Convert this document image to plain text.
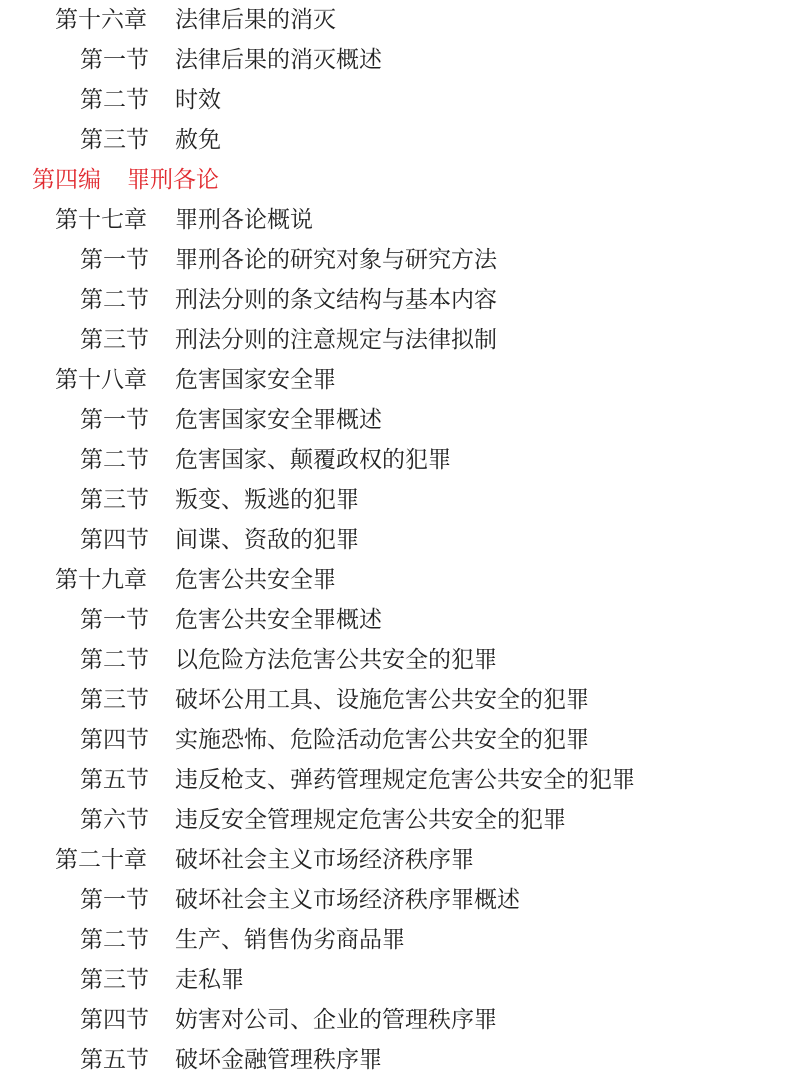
第十六章 法律后果的消灭
第一节 法律后果的消灭概述
第二节 时效
第三节 赦免
第四编 罪刑各论
第十七章 罪刑各论概说
第一节 罪刑各论的研究对象与研究方法
第二节 刑法分则的条文结构与基本内容
第三节 刑法分则的注意规定与法律拟制
第十八章 危害国家安全罪
第一节 危害国家安全罪概述
第二节 危害国家、颠覆政权的犯罪
第三节 叛变、叛逃的犯罪
第四节 间谍、资敌的犯罪
第十九章 危害公共安全罪
第一节 危害公共安全罪概述
第二节 以危险方法危害公共安全的犯罪
第三节 破坏公用工具、设施危害公共安全的犯罪
第四节 实施恐怖、危险活动危害公共安全的犯罪
第五节 违反枪支、弹药管理规定危害公共安全的犯罪
第六节 违反安全管理规定危害公共安全的犯罪
第二十章 破坏社会主义市场经济秩序罪
第一节 破坏社会主义市场经济秩序罪概述
第二节 生产、销售伪劣商品罪
第三节 走私罪
第四节 妨害对公司、企业的管理秩序罪
第五节 破坏金融管理秩序罪
